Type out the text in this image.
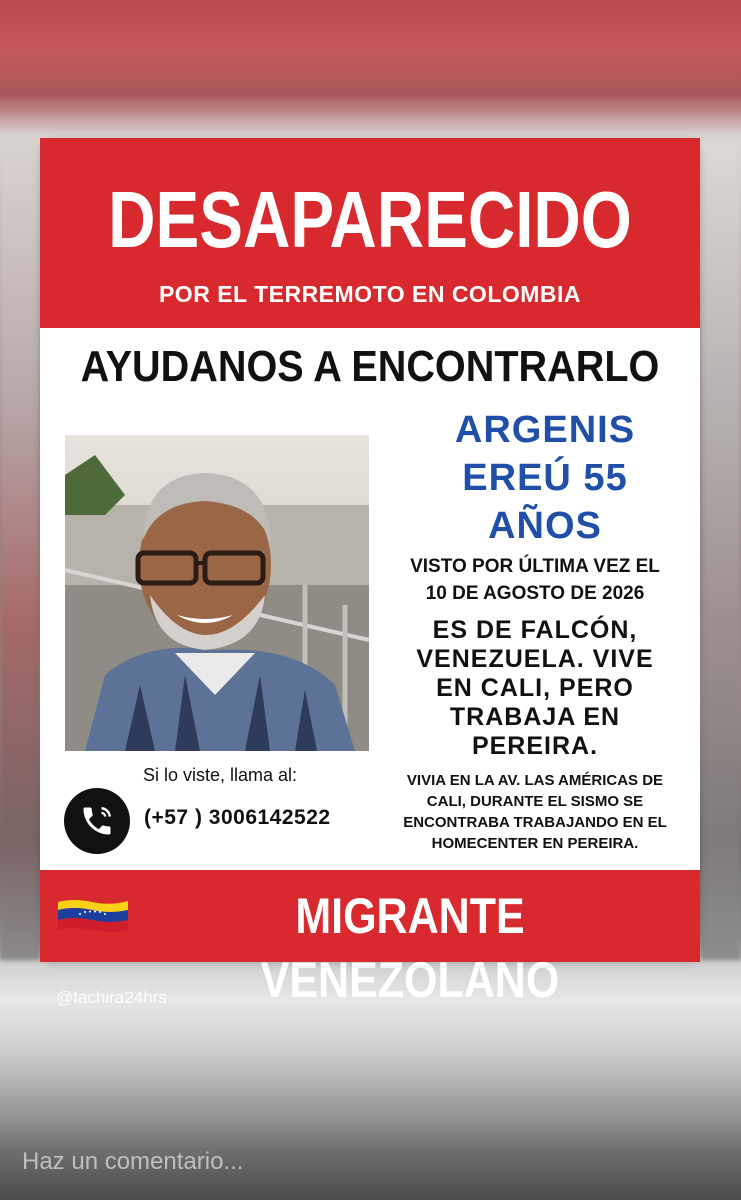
DESAPARECIDO
POR EL TERREMOTO EN COLOMBIA
AYUDANOS A ENCONTRARLO
ARGENIS
EREÚ 55
AÑOS
VISTO POR ÚLTIMA VEZ EL
10 DE AGOSTO DE 2026
ES DE FALCÓN,
VENEZUELA. VIVE
EN CALI, PERO
TRABAJA EN
PEREIRA.
VIVIA EN LA AV. LAS AMÉRICAS DE
CALI, DURANTE EL SISMO SE
ENCONTRABA TRABAJANDO EN EL
HOMECENTER EN PEREIRA.
Si lo viste, llama al:
(+57 ) 3006142522
MIGRANTE VENEZOLANO
@tachira24hrs
Haz un comentario...
